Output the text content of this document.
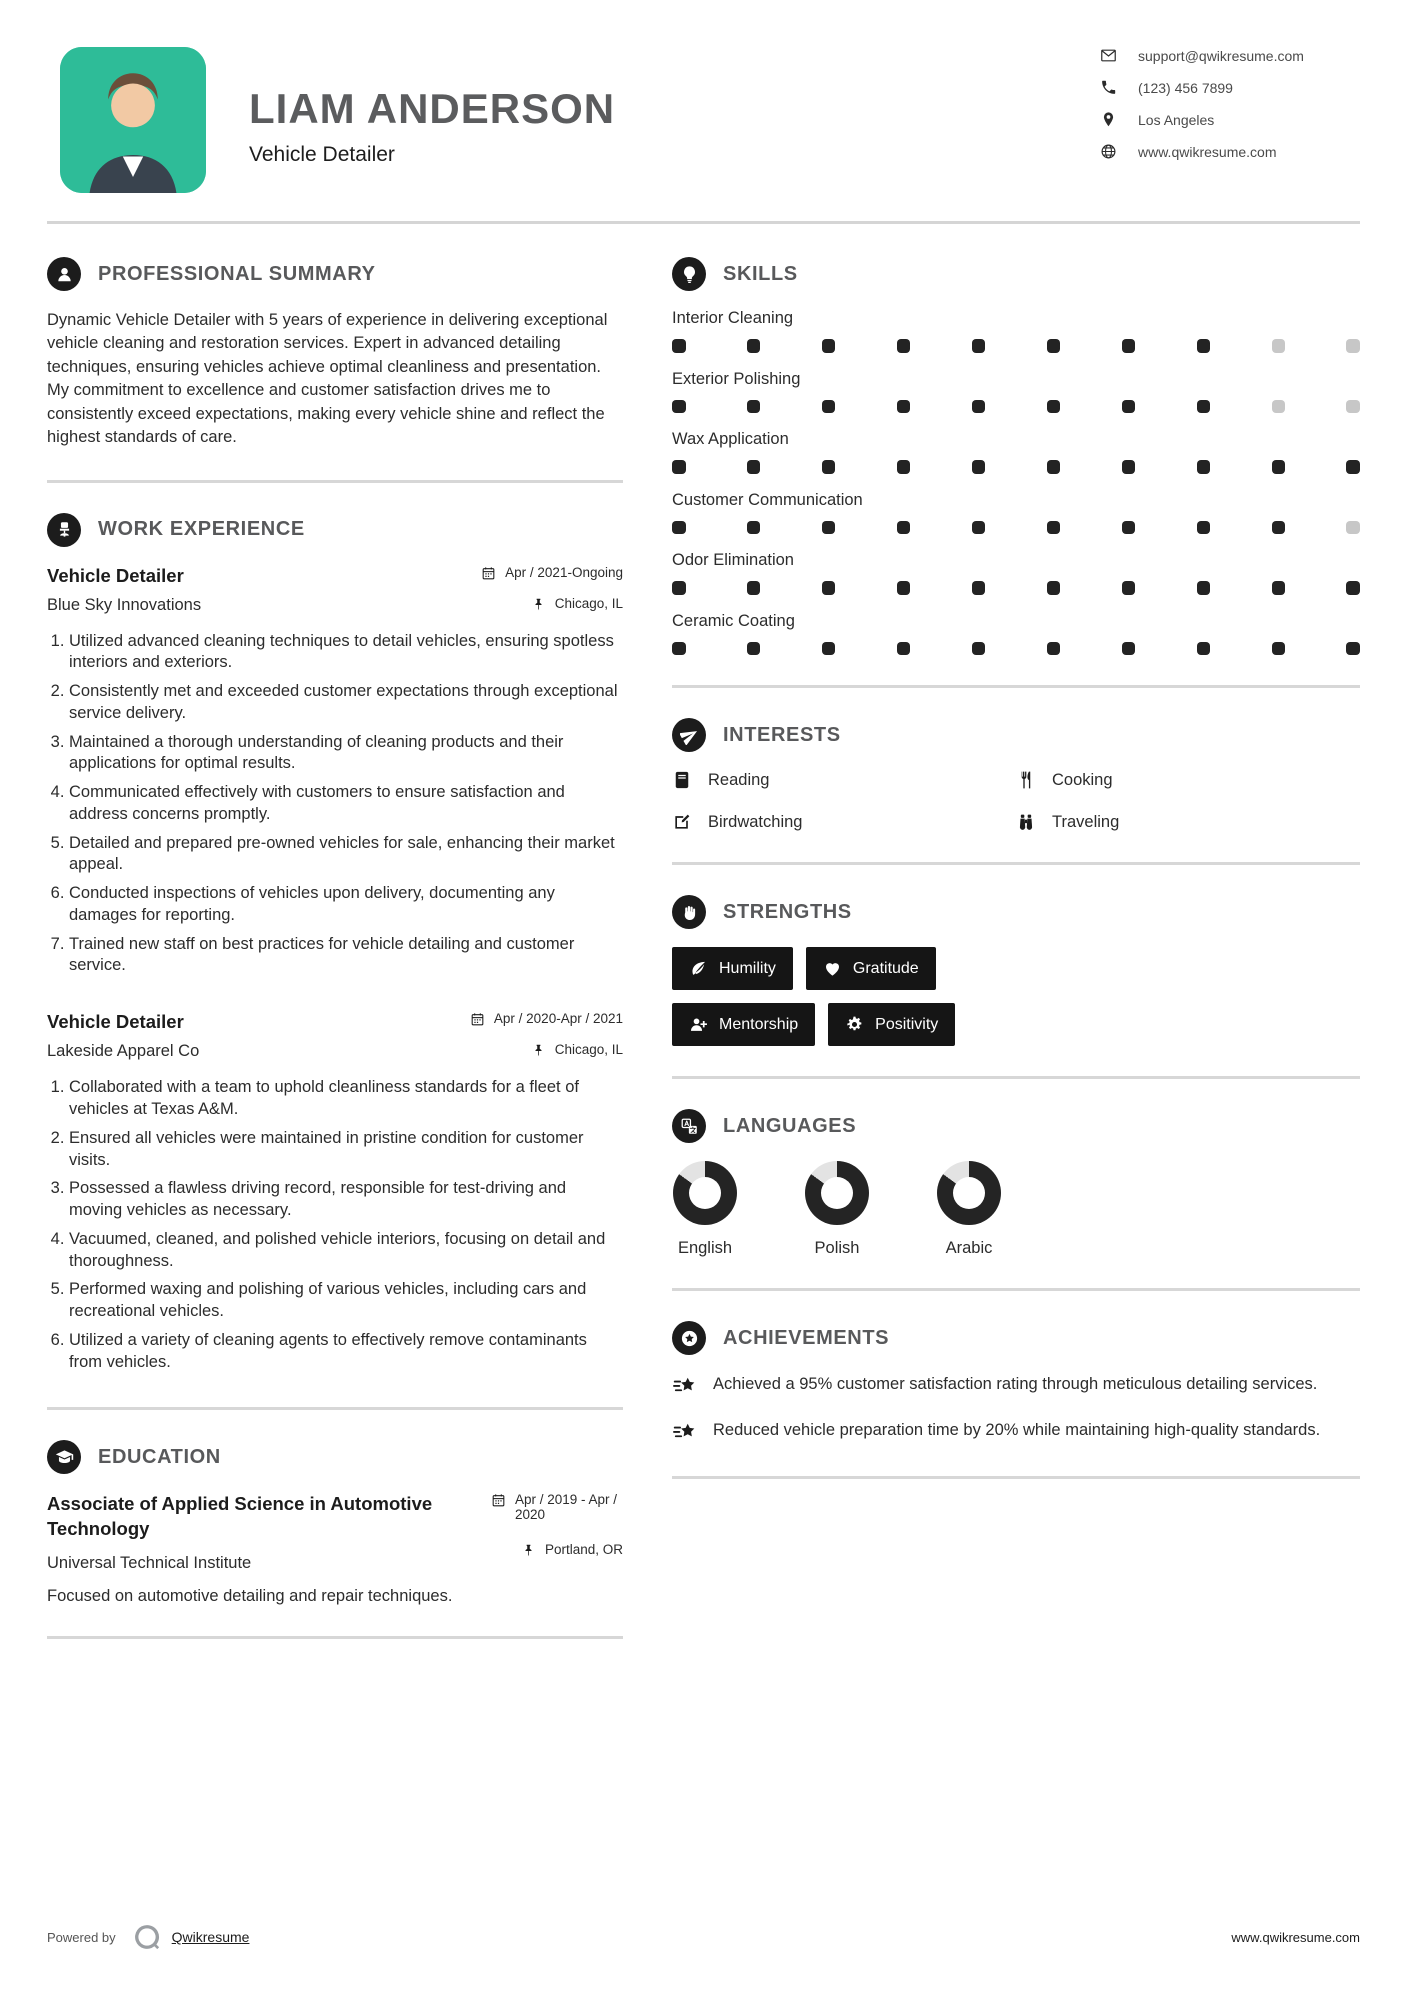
LIAM ANDERSON
Vehicle Detailer
support@qwikresume.com
(123) 456 7899
Los Angeles
www.qwikresume.com
PROFESSIONAL SUMMARY

Dynamic Vehicle Detailer with 5 years of experience in delivering exceptional vehicle cleaning and restoration services. Expert in advanced detailing techniques, ensuring vehicles achieve optimal cleanliness and presentation. My commitment to excellence and customer satisfaction drives me to consistently exceed expectations, making every vehicle shine and reflect the highest standards of care.

WORK EXPERIENCE
Vehicle Detailer	Apr / 2021-Ongoing
Blue Sky Innovations	Chicago, IL
1. Utilized advanced cleaning techniques to detail vehicles, ensuring spotless interiors and exteriors.
2. Consistently met and exceeded customer expectations through exceptional service delivery.
3. Maintained a thorough understanding of cleaning products and their applications for optimal results.
4. Communicated effectively with customers to ensure satisfaction and address concerns promptly.
5. Detailed and prepared pre-owned vehicles for sale, enhancing their market appeal.
6. Conducted inspections of vehicles upon delivery, documenting any damages for reporting.
7. Trained new staff on best practices for vehicle detailing and customer service.
Vehicle Detailer	Apr / 2020-Apr / 2021
Lakeside Apparel Co	Chicago, IL
1. Collaborated with a team to uphold cleanliness standards for a fleet of vehicles at Texas A&M.
2. Ensured all vehicles were maintained in pristine condition for customer visits.
3. Possessed a flawless driving record, responsible for test-driving and moving vehicles as necessary.
4. Vacuumed, cleaned, and polished vehicle interiors, focusing on detail and thoroughness.
5. Performed waxing and polishing of various vehicles, including cars and recreational vehicles.
6. Utilized a variety of cleaning agents to effectively remove contaminants from vehicles.
EDUCATION
Associate of Applied Science in Automotive Technology
Apr / 2019 - Apr / 2020
Universal Technical Institute
Portland, OR

Focused on automotive detailing and repair techniques.

SKILLS
Interior Cleaning
Exterior Polishing
Wax Application
Customer Communication
Odor Elimination
Ceramic Coating
INTERESTS
Reading	Cooking
Birdwatching	Traveling
STRENGTHS
Humility	Gratitude
Mentorship	Positivity
LANGUAGES
English	Polish	Arabic
ACHIEVEMENTS

Achieved a 95% customer satisfaction rating through meticulous detailing services.

Reduced vehicle preparation time by 20% while maintaining high-quality standards.

Powered by	Qwikresume	www.qwikresume.com
